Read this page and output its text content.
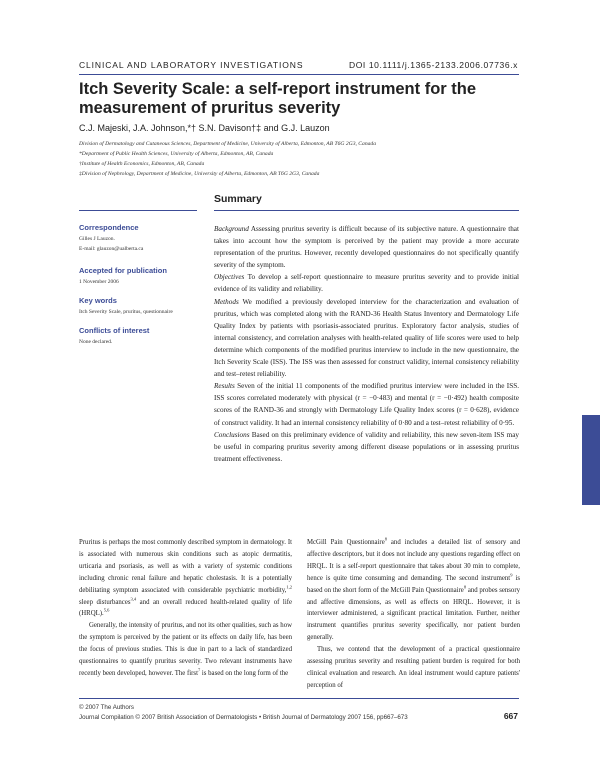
CLINICAL AND LABORATORY INVESTIGATIONS	DOI 10.1111/j.1365-2133.2006.07736.x
Itch Severity Scale: a self-report instrument for the measurement of pruritus severity
C.J. Majeski, J.A. Johnson,*† S.N. Davison†‡ and G.J. Lauzon
Division of Dermatology and Cutaneous Sciences, Department of Medicine, University of Alberta, Edmonton, AB T6G 2G3, Canada
*Department of Public Health Sciences, University of Alberta, Edmonton, AB, Canada
†Institute of Health Economics, Edmonton, AB, Canada
‡Division of Nephrology, Department of Medicine, University of Alberta, Edmonton, AB T6G 2G3, Canada
Summary
Correspondence
Gilles J Lauzon.
E-mail: glauzon@ualberta.ca
Accepted for publication
1 November 2006
Key words
Itch Severity Scale, pruritus, questionnaire
Conflicts of interest
None declared.

Background Assessing pruritus severity is difficult because of its subjective nature. A questionnaire that takes into account how the symptom is perceived by the patient may provide a more accurate representation of the pruritus. However, recently developed questionnaires do not specifically quantify severity of the symptom.

Objectives To develop a self-report questionnaire to measure pruritus severity and to provide initial evidence of its validity and reliability.

Methods We modified a previously developed interview for the characterization and evaluation of pruritus, which was completed along with the RAND-36 Health Status Inventory and Dermatology Life Quality Index by patients with psoriasis-associated pruritus. Exploratory factor analysis, studies of internal consistency, and correlation analyses with health-related quality of life scores were used to help determine which components of the modified pruritus interview to include in the new questionnaire, the Itch Severity Scale (ISS). The ISS was then assessed for construct validity, internal consistency reliability and test–retest reliability.

Results Seven of the initial 11 components of the modified pruritus interview were included in the ISS. ISS scores correlated moderately with physical (r = −0·483) and mental (r = −0·492) health composite scores of the RAND-36 and strongly with Dermatology Life Quality Index scores (r = 0·628), evidence of construct validity. It had an internal consistency reliability of 0·80 and a test–retest reliability of 0·95.

Conclusions Based on this preliminary evidence of validity and reliability, this new seven-item ISS may be useful in comparing pruritus severity among different disease populations or in assessing pruritus treatment effectiveness.

Pruritus is perhaps the most commonly described symptom in dermatology. It is associated with numerous skin conditions such as atopic dermatitis, urticaria and psoriasis, as well as with a variety of systemic conditions including chronic renal failure and hepatic cholestasis. It is a potentially debilitating symptom associated with considerable psychiatric morbidity,$^{1,2}$ sleep disturbances$^{3,4}$ and an overall reduced health-related quality of life (HRQL).$^{5,6}$

Generally, the intensity of pruritus, and not its other qualities, such as how the symptom is perceived by the patient or its effects on daily life, has been the focus of previous studies. This is due in part to a lack of standardized questionnaires to quantify pruritus severity. Two relevant instruments have recently been developed, however. The first$^7$ is based on the long form of the

McGill Pain Questionnaire$^8$ and includes a detailed list of sensory and affective descriptors, but it does not include any questions regarding effect on HRQL. It is a self-report questionnaire that takes about 30 min to complete, hence is quite time consuming and demanding. The second instrument$^9$ is based on the short form of the McGill Pain Questionnaire$^8$ and probes sensory and affective dimensions, as well as effects on HRQL. However, it is interviewer administered, a significant practical limitation. Further, neither instrument quantifies pruritus severity specifically, nor patient burden generally.

Thus, we contend that the development of a practical questionnaire assessing pruritus severity and resulting patient burden is required for both clinical evaluation and research. An ideal instrument would capture patients' perception of

© 2007 The Authors
Journal Compilation © 2007 British Association of Dermatologists • British Journal of Dermatology 2007 156, pp667–673	667
